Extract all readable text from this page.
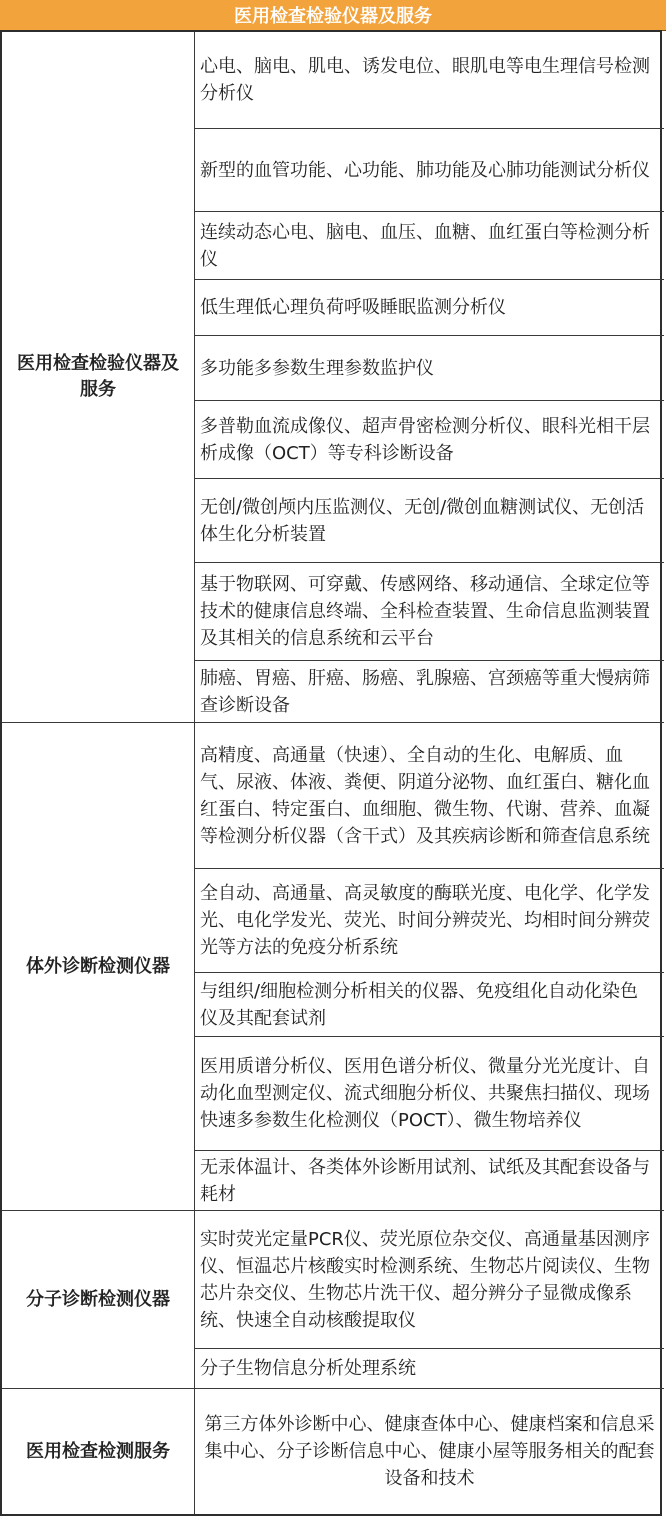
医用检查检验仪器及服务
医用检查检验仪器及服务
心电、脑电、肌电、诱发电位、眼肌电等电生理信号检测分析仪
新型的血管功能、心功能、肺功能及心肺功能测试分析仪
连续动态心电、脑电、血压、血糖、血红蛋白等检测分析仪
低生理低心理负荷呼吸睡眠监测分析仪
多功能多参数生理参数监护仪
多普勒血流成像仪、超声骨密检测分析仪、眼科光相干层析成像（OCT）等专科诊断设备
无创/微创颅内压监测仪、无创/微创血糖测试仪、无创活体生化分析装置
基于物联网、可穿戴、传感网络、移动通信、全球定位等技术的健康信息终端、全科检查装置、生命信息监测装置及其相关的信息系统和云平台
肺癌、胃癌、肝癌、肠癌、乳腺癌、宫颈癌等重大慢病筛查诊断设备
体外诊断检测仪器
高精度、高通量（快速）、全自动的生化、电解质、血气、尿液、体液、粪便、阴道分泌物、血红蛋白、糖化血红蛋白、特定蛋白、血细胞、微生物、代谢、营养、血凝等检测分析仪器（含干式）及其疾病诊断和筛查信息系统
全自动、高通量、高灵敏度的酶联光度、电化学、化学发光、电化学发光、荧光、时间分辨荧光、均相时间分辨荧光等方法的免疫分析系统
与组织/细胞检测分析相关的仪器、免疫组化自动化染色仪及其配套试剂
医用质谱分析仪、医用色谱分析仪、微量分光光度计、自动化血型测定仪、流式细胞分析仪、共聚焦扫描仪、现场快速多参数生化检测仪（POCT）、微生物培养仪
无汞体温计、各类体外诊断用试剂、试纸及其配套设备与耗材
分子诊断检测仪器
实时荧光定量PCR仪、荧光原位杂交仪、高通量基因测序仪、恒温芯片核酸实时检测系统、生物芯片阅读仪、生物芯片杂交仪、生物芯片洗干仪、超分辨分子显微成像系统、快速全自动核酸提取仪
分子生物信息分析处理系统
医用检查检测服务
第三方体外诊断中心、健康查体中心、健康档案和信息采集中心、分子诊断信息中心、健康小屋等服务相关的配套设备和技术
